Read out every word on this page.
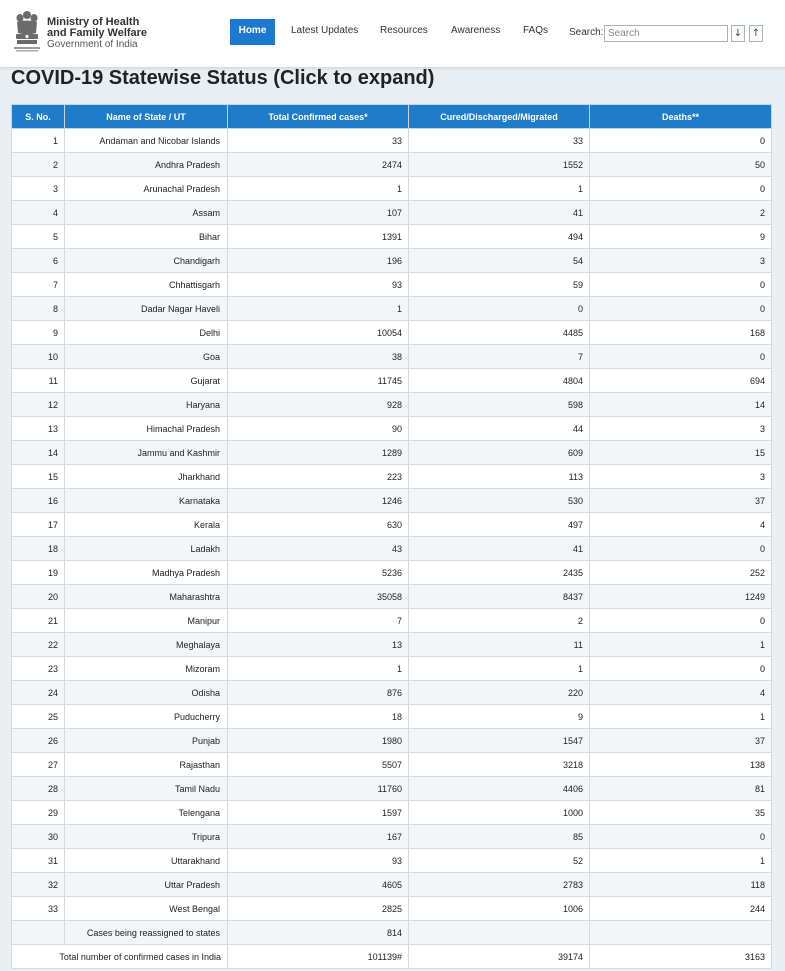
Ministry of Health
and Family Welfare
Government of India
Home	Latest Updates Resources Awareness FAQs Search:
Search	↓ ↑
COVID-19 Statewise Status (Click to expand)
S. No.	Name of State / UT	Total Confirmed cases*	Cured/Discharged/Migrated	Deaths**
1	Andaman and Nicobar Islands	33	33	0
2	Andhra Pradesh	2474	1552	50
3	Arunachal Pradesh	1	1	0
4	Assam	107	41	2
5	Bihar	1391	494	9
6	Chandigarh	196	54	3
7	Chhattisgarh	93	59	0
8	Dadar Nagar Haveli	1	0	0
9	Delhi	10054	4485	168
10	Goa	38	7	0
11	Gujarat	11745	4804	694
12	Haryana	928	598	14
13	Himachal Pradesh	90	44	3
14	Jammu and Kashmir	1289	609	15
15	Jharkhand	223	113	3
16	Karnataka	1246	530	37
17	Kerala	630	497	4
18	Ladakh	43	41	0
19	Madhya Pradesh	5236	2435	252
20	Maharashtra	35058	8437	1249
21	Manipur	7	2	0
22	Meghalaya	13	11	1
23	Mizoram	1	1	0
24	Odisha	876	220	4
25	Puducherry	18	9	1
26	Punjab	1980	1547	37
27	Rajasthan	5507	3218	138
28	Tamil Nadu	11760	4406	81
29	Telengana	1597	1000	35
30	Tripura	167	85	0
31	Uttarakhand	93	52	1
32	Uttar Pradesh	4605	2783	118
33	West Bengal	2825	1006	244
	Cases being reassigned to states	814		
Total number of confirmed cases in India		101139#	39174	3163
